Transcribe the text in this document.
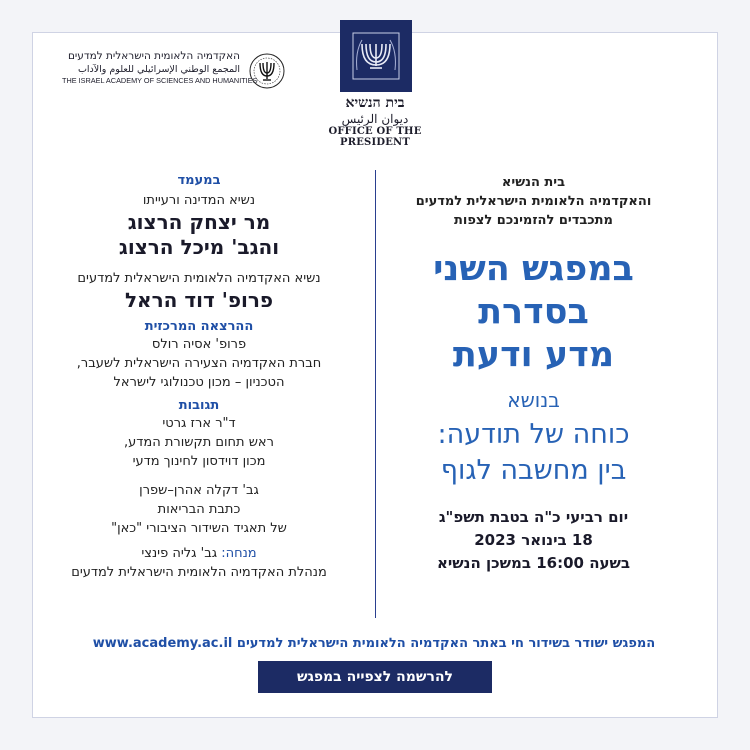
בית הנשיא
ديوان الرئيس
OFFICE OF THE PRESIDENT
האקדמיה הלאומית הישראלית למדעים
المجمع الوطني الإسرائيلي للعلوم والآداب
THE ISRAEL ACADEMY OF SCIENCES AND HUMANITIES
במעמד
נשיא המדינה ורעייתו
מר יצחק הרצוג
והגב' מיכל הרצוג
נשיא האקדמיה הלאומית הישראלית למדעים
פרופ' דוד הראל
ההרצאה המרכזית
פרופ' אסיה רולס
חברת האקדמיה הצעירה הישראלית לשעבר,
הטכניון – מכון טכנולוגי לישראל
תגובות
ד"ר ארז גרטי
ראש תחום תקשורת המדע,
מכון דוידסון לחינוך מדעי
גב' דקלה אהרן–שפרן
כתבת הבריאות
של תאגיד השידור הציבורי "כאן"
מנחה: גב' גליה פינצי
מנהלת האקדמיה הלאומית הישראלית למדעים
בית הנשיא
והאקדמיה הלאומית הישראלית למדעים
מתכבדים להזמינכם לצפות
במפגש השני
בסדרת
מדע ודעת
בנושא
כוחה של תודעה:
בין מחשבה לגוף
יום רביעי כ"ה בטבת תשפ"ג
18 בינואר 2023
בשעה 16:00 במשכן הנשיא
המפגש ישודר בשידור חי באתר האקדמיה הלאומית הישראלית למדעים www.academy.ac.il
להרשמה לצפייה במפגש
